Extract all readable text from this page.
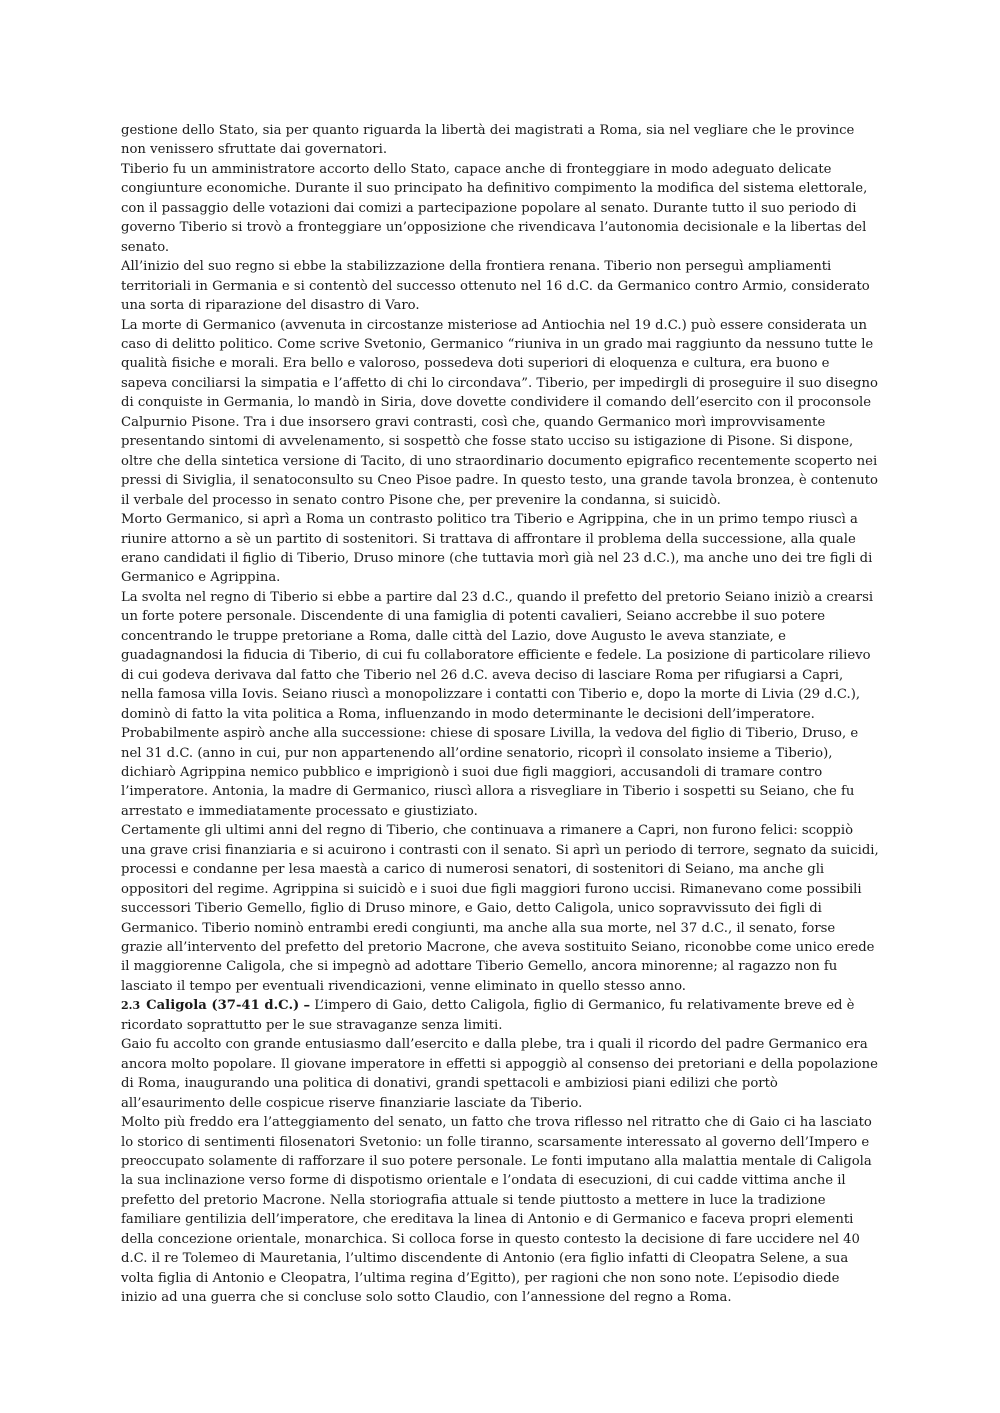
gestione dello Stato, sia per quanto riguarda la libertà dei magistrati a Roma, sia nel vegliare che le province non venissero sfruttate dai governatori.

Tiberio fu un amministratore accorto dello Stato, capace anche di fronteggiare in modo adeguato delicate congiunture economiche. Durante il suo principato ha definitivo compimento la modifica del sistema elettorale, con il passaggio delle votazioni dai comizi a partecipazione popolare al senato. Durante tutto il suo periodo di governo Tiberio si trovò a fronteggiare un’opposizione che rivendicava l’autonomia decisionale e la libertas del senato.

All’inizio del suo regno si ebbe la stabilizzazione della frontiera renana. Tiberio non perseguì ampliamenti territoriali in Germania e si contentò del successo ottenuto nel 16 d.C. da Germanico contro Armio, considerato una sorta di riparazione del disastro di Varo.

La morte di Germanico (avvenuta in circostanze misteriose ad Antiochia nel 19 d.C.) può essere considerata un caso di delitto politico. Come scrive Svetonio, Germanico “riuniva in un grado mai raggiunto da nessuno tutte le qualità fisiche e morali. Era bello e valoroso, possedeva doti superiori di eloquenza e cultura, era buono e sapeva conciliarsi la simpatia e l’affetto di chi lo circondava”. Tiberio, per impedirgli di proseguire il suo disegno di conquiste in Germania, lo mandò in Siria, dove dovette condividere il comando dell’esercito con il proconsole Calpurnio Pisone. Tra i due insorsero gravi contrasti, così che, quando Germanico morì improvvisamente presentando sintomi di avvelenamento, si sospettò che fosse stato ucciso su istigazione di Pisone. Si dispone, oltre che della sintetica versione di Tacito, di uno straordinario documento epigrafico recentemente scoperto nei pressi di Siviglia, il senatoconsulto su Cneo Pisoe padre. In questo testo, una grande tavola bronzea, è contenuto il verbale del processo in senato contro Pisone che, per prevenire la condanna, si suicidò.

Morto Germanico, si aprì a Roma un contrasto politico tra Tiberio e Agrippina, che in un primo tempo riuscì a riunire attorno a sè un partito di sostenitori. Si trattava di affrontare il problema della successione, alla quale erano candidati il figlio di Tiberio, Druso minore (che tuttavia morì già nel 23 d.C.), ma anche uno dei tre figli di Germanico e Agrippina.

La svolta nel regno di Tiberio si ebbe a partire dal 23 d.C., quando il prefetto del pretorio Seiano iniziò a crearsi un forte potere personale. Discendente di una famiglia di potenti cavalieri, Seiano accrebbe il suo potere concentrando le truppe pretoriane a Roma, dalle città del Lazio, dove Augusto le aveva stanziate, e guadagnandosi la fiducia di Tiberio, di cui fu collaboratore efficiente e fedele. La posizione di particolare rilievo di cui godeva derivava dal fatto che Tiberio nel 26 d.C. aveva deciso di lasciare Roma per rifugiarsi a Capri, nella famosa villa Iovis. Seiano riuscì a monopolizzare i contatti con Tiberio e, dopo la morte di Livia (29 d.C.), dominò di fatto la vita politica a Roma, influenzando in modo determinante le decisioni dell’imperatore. Probabilmente aspirò anche alla successione: chiese di sposare Livilla, la vedova del figlio di Tiberio, Druso, e nel 31 d.C. (anno in cui, pur non appartenendo all’ordine senatorio, ricoprì il consolato insieme a Tiberio), dichiarò Agrippina nemico pubblico e imprigionò i suoi due figli maggiori, accusandoli di tramare contro l’imperatore. Antonia, la madre di Germanico, riuscì allora a risvegliare in Tiberio i sospetti su Seiano, che fu arrestato e immediatamente processato e giustiziato.

Certamente gli ultimi anni del regno di Tiberio, che continuava a rimanere a Capri, non furono felici: scoppiò una grave crisi finanziaria e si acuirono i contrasti con il senato. Si aprì un periodo di terrore, segnato da suicidi, processi e condanne per lesa maestà a carico di numerosi senatori, di sostenitori di Seiano, ma anche gli oppositori del regime. Agrippina si suicidò e i suoi due figli maggiori furono uccisi. Rimanevano come possibili successori Tiberio Gemello, figlio di Druso minore, e Gaio, detto Caligola, unico sopravvissuto dei figli di Germanico. Tiberio nominò entrambi eredi congiunti, ma anche alla sua morte, nel 37 d.C., il senato, forse grazie all’intervento del prefetto del pretorio Macrone, che aveva sostituito Seiano, riconobbe come unico erede il maggiorenne Caligola, che si impegnò ad adottare Tiberio Gemello, ancora minorenne; al ragazzo non fu lasciato il tempo per eventuali rivendicazioni, venne eliminato in quello stesso anno.

2.3 Caligola (37-41 d.C.) – L’impero di Gaio, detto Caligola, figlio di Germanico, fu relativamente breve ed è ricordato soprattutto per le sue stravaganze senza limiti.

Gaio fu accolto con grande entusiasmo dall’esercito e dalla plebe, tra i quali il ricordo del padre Germanico era ancora molto popolare. Il giovane imperatore in effetti si appoggiò al consenso dei pretoriani e della popolazione di Roma, inaugurando una politica di donativi, grandi spettacoli e ambiziosi piani edilizi che portò all’esaurimento delle cospicue riserve finanziarie lasciate da Tiberio.

Molto più freddo era l’atteggiamento del senato, un fatto che trova riflesso nel ritratto che di Gaio ci ha lasciato lo storico di sentimenti filosenatori Svetonio: un folle tiranno, scarsamente interessato al governo dell’Impero e preoccupato solamente di rafforzare il suo potere personale. Le fonti imputano alla malattia mentale di Caligola la sua inclinazione verso forme di dispotismo orientale e l’ondata di esecuzioni, di cui cadde vittima anche il prefetto del pretorio Macrone. Nella storiografia attuale si tende piuttosto a mettere in luce la tradizione familiare gentilizia dell’imperatore, che ereditava la linea di Antonio e di Germanico e faceva propri elementi della concezione orientale, monarchica. Si colloca forse in questo contesto la decisione di fare uccidere nel 40 d.C. il re Tolemeo di Mauretania, l’ultimo discendente di Antonio (era figlio infatti di Cleopatra Selene, a sua volta figlia di Antonio e Cleopatra, l’ultima regina d’Egitto), per ragioni che non sono note. L’episodio diede inizio ad una guerra che si concluse solo sotto Claudio, con l’annessione del regno a Roma.
